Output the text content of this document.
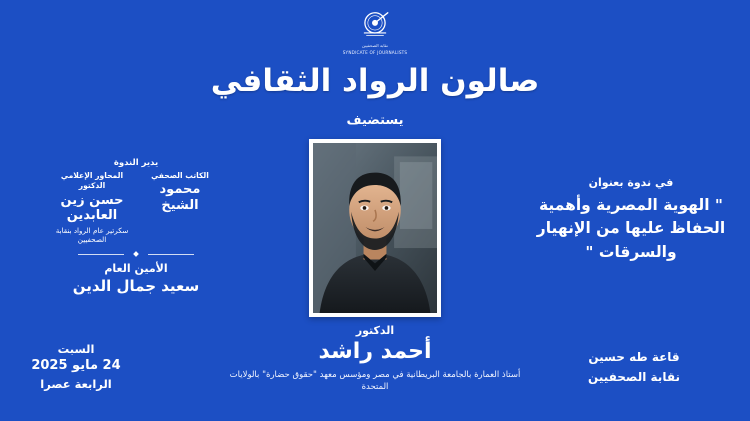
نقابة الصحفيين
SYNDICATE OF JOURNALISTS
صالون الرواد الثقافي
يستضيف
الدكتور
أحمد راشد
أستاذ العمارة بالجامعة البريطانية في مصر ومؤسس معهد "حقوق حضارة" بالولايات المتحدة
في ندوة بعنوان
" الهوية المصرية وأهمية الحفاظ عليها من الإنهيار والسرقات "
قاعة طه حسين
نقابة الصحفيين
يدير الندوة
الكاتب الصحفي
محمود الشيخ
المحاور الإعلامي الدكتور
حسن زين العابدين
سكرتير عام الرواد بنقابة الصحفيين
الأمين العام
سعيد جمال الدين
السبت
24 مايو 2025
الرابعة عصرا
